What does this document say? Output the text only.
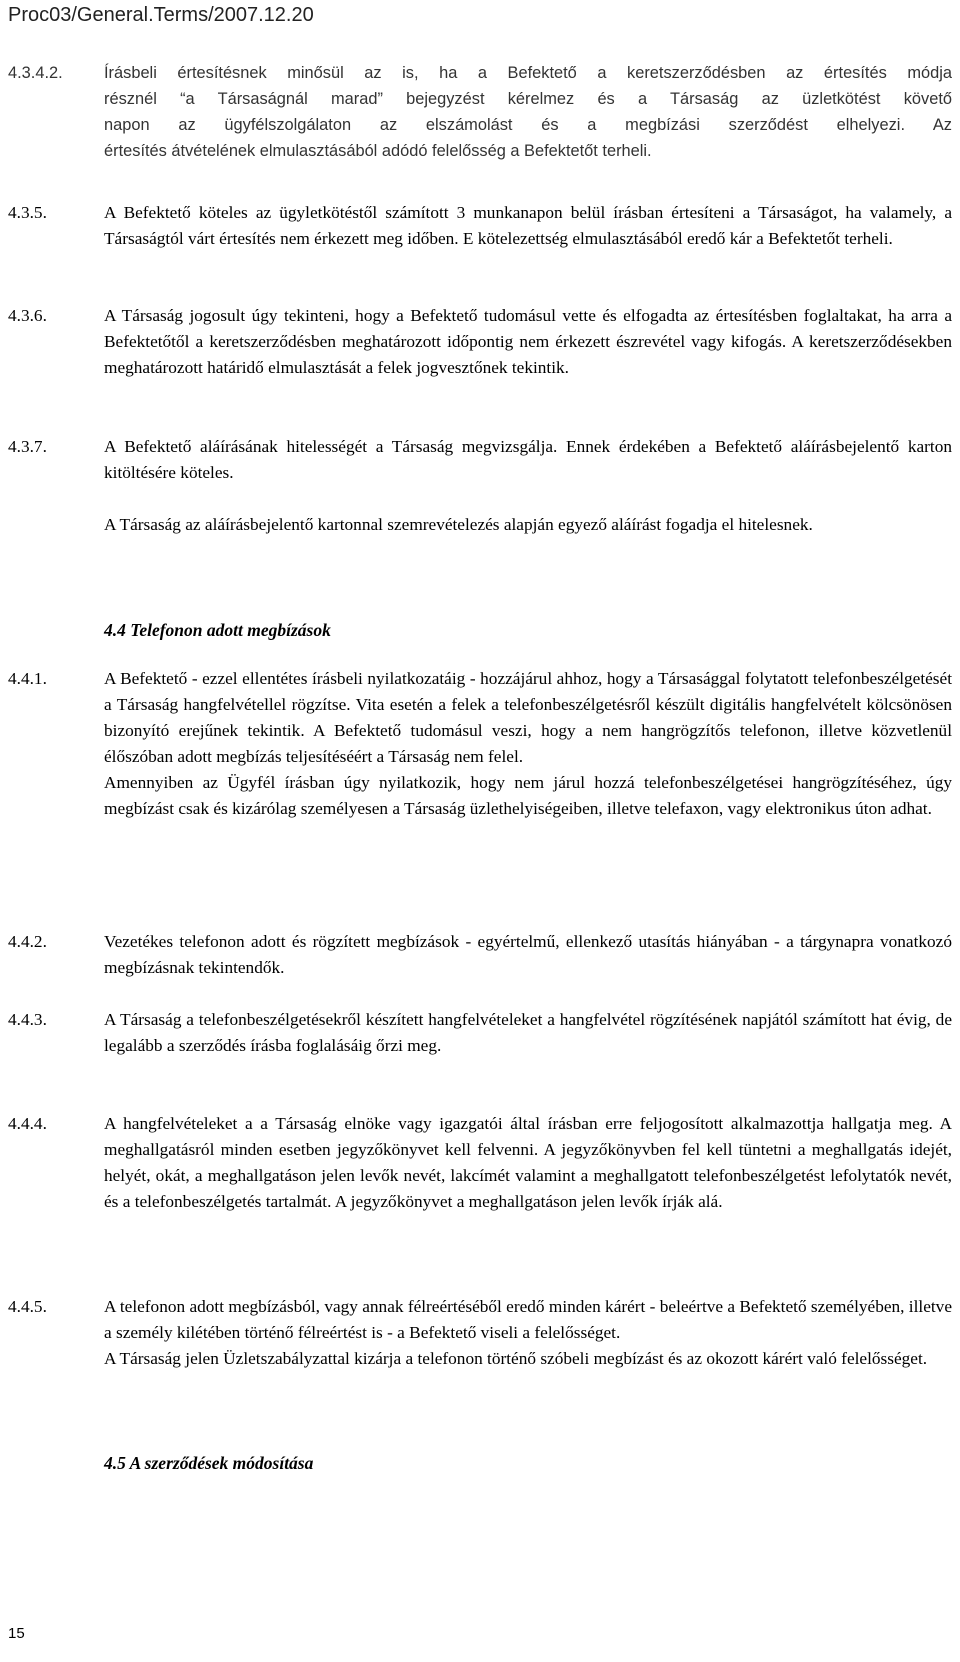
Proc03/General.Terms/2007.12.20
4.3.4.2.	Írásbeli értesítésnek minősül az is, ha a Befektető a keretszerződésben az értesítés módja

résznél “a Társaságnál marad” bejegyzést kérelmez és a Társaság az üzletkötést követő

napon az ügyfélszolgálaton az elszámolást és a megbízási szerződést elhelyezi. Az

értesítés átvételének elmulasztásából adódó felelősség a Befektetőt terheli.

4.3.5.	A Befektető köteles az ügyletkötéstől számított 3 munkanapon belül írásban értesíteni a Társaságot, ha valamely, a Társaságtól várt értesítés nem érkezett meg időben. E kötelezettség elmulasztásából eredő kár a Befektetőt terheli.
4.3.6.	A Társaság jogosult úgy tekinteni, hogy a Befektető tudomásul vette és elfogadta az értesítésben foglaltakat, ha arra a Befektetőtől a keretszerződésben meghatározott időpontig nem érkezett észrevétel vagy kifogás. A keretszerződésekben meghatározott határidő elmulasztását a felek jogvesztőnek tekintik.
4.3.7.	A Befektető aláírásának hitelességét a Társaság megvizsgálja. Ennek érdekében a Befektető aláírásbejelentő karton kitöltésére köteles.

A Társaság az aláírásbejelentő kartonnal szemrevételezés alapján egyező aláírást fogadja el hitelesnek.

4.4 Telefonon adott megbízások
4.4.1.	A Befektető - ezzel ellentétes írásbeli nyilatkozatáig - hozzájárul ahhoz, hogy a Társasággal folytatott telefonbeszélgetését a Társaság hangfelvétellel rögzítse. Vita esetén a felek a telefonbeszélgetésről készült digitális hangfelvételt kölcsönösen bizonyító erejűnek tekintik. A Befektető tudomásul veszi, hogy a nem hangrögzítős telefonon, illetve közvetlenül élőszóban adott megbízás teljesítéséért a Társaság nem felel.

Amennyiben az Ügyfél írásban úgy nyilatkozik, hogy nem járul hozzá telefonbeszélgetései hangrögzítéséhez, úgy megbízást csak és kizárólag személyesen a Társaság üzlethelyiségeiben, illetve telefaxon, vagy elektronikus úton adhat.

4.4.2.	Vezetékes telefonon adott és rögzített megbízások - egyértelmű, ellenkező utasítás hiányában - a tárgynapra vonatkozó megbízásnak tekintendők.
4.4.3.	A Társaság a telefonbeszélgetésekről készített hangfelvételeket a hangfelvétel rögzítésének napjától számított hat évig, de legalább a szerződés írásba foglalásáig őrzi meg.
4.4.4.	A hangfelvételeket a a Társaság elnöke vagy igazgatói által írásban erre feljogosított alkalmazottja hallgatja meg. A meghallgatásról minden esetben jegyzőkönyvet kell felvenni. A jegyzőkönyvben fel kell tüntetni a meghallgatás idejét, helyét, okát, a meghallgatáson jelen levők nevét, lakcímét valamint a meghallgatott telefonbeszélgetést lefolytatók nevét, és a telefonbeszélgetés tartalmát. A jegyzőkönyvet a meghallgatáson jelen levők írják alá.
4.4.5.	A telefonon adott megbízásból, vagy annak félreértéséből eredő minden kárért - beleértve a Befektető személyében, illetve a személy kilétében történő félreértést is - a Befektető viseli a felelősséget.

A Társaság jelen Üzletszabályzattal kizárja a telefonon történő szóbeli megbízást és az okozott kárért való felelősséget.

4.5 A szerződések módosítása
15
